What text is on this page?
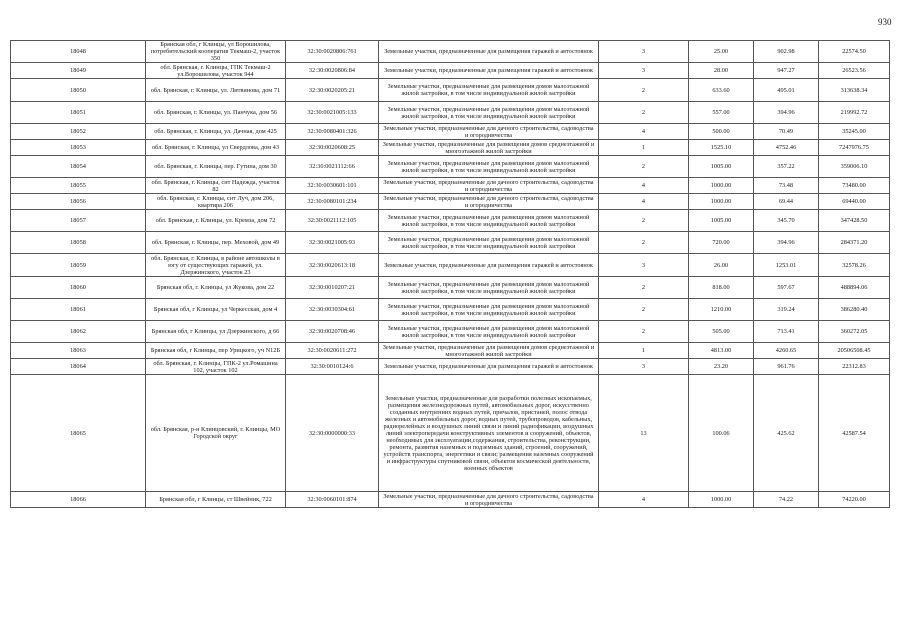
930
18048	Брянская обл, г Клинцы, ул Ворошилова, потребительский кооператив Текмаш-2, участок 350	32:30:0020806:761	Земельные участки, предназначенные для размещения гаражей и автостоянок	3	25.00	902.98	22574.50
18049	обл. Брянская, г. Клинцы, ГПК Текмаш-2 ул.Ворошилова, участок 944	32:30:0020806:84	Земельные участки, предназначенные для размещения гаражей и автостоянок	3	28.00	947.27	26523.56
18050	обл. Брянская, г. Клинцы, ул. Литвинова, дом 71	32:30:0020205:21	Земельные участки, предназначенные для размещения домов малоэтажной жилой застройки, в том числе индивидуальной жилой застройки	2	633.60	495.01	313638.34
18051	обл. Брянская, г. Клинцы, ул. Панчука, дом 56	32:30:0021005:133	Земельные участки, предназначенные для размещения домов малоэтажной жилой застройки, в том числе индивидуальной жилой застройки	2	557.00	394.96	219992.72
18052	обл. Брянская, г. Клинцы, ул. Дачная, дом 425	32:30:0080401:326	Земельные участки, предназначенные для дачного строительства, садоводства и огородничества	4	500.00	70.49	35245.00
18053	обл. Брянская, г. Клинцы, ул Свердлова, дом 43	32:30:0020608:25	Земельные участки, предназначенные для размещения домов среднеэтажной и многоэтажной жилой застройки	1	1525.10	4752.46	7247976.75
18054	обл. Брянская, г. Клинцы, пер. Гутина, дом 30	32:30:0021112:66	Земельные участки, предназначенные для размещения домов малоэтажной жилой застройки, в том числе индивидуальной жилой застройки	2	1005.00	357.22	359006.10
18055	обл. Брянская, г. Клинцы, снт Надежда, участок 82	32:30:0030601:101	Земельные участки, предназначенные для дачного строительства, садоводства и огородничества	4	1000.00	73.48	73480.00
18056	обл. Брянская, г. Клинцы, снт Луч, дом 206, квартира 206	32:30:0080101:234	Земельные участки, предназначенные для дачного строительства, садоводства и огородничества	4	1000.00	69.44	69440.00
18057	обл. Брянская, г. Клинцы, ул. Кремза, дом 72	32:30:0021112:105	Земельные участки, предназначенные для размещения домов малоэтажной жилой застройки, в том числе индивидуальной жилой застройки	2	1005.00	345.70	347428.50
18058	обл. Брянская, г. Клинцы, пер. Меховой, дом 49	32:30:0021005:93	Земельные участки, предназначенные для размещения домов малоэтажной жилой застройки, в том числе индивидуальной жилой застройки	2	720.00	394.96	284371.20
18059	обл. Брянская, г. Клинцы, в районе автошколы в югу от существующих гаражей, ул. Дзержинского, участок 23	32:30:0020613:18	Земельные участки, предназначенные для размещения гаражей и автостоянок	3	26.00	1253.01	32578.26
18060	Брянская обл, г. Клинцы, ул Жукова, дом 22	32:30:0010207:21	Земельные участки, предназначенные для размещения домов малоэтажной жилой застройки, в том числе индивидуальной жилой застройки	2	818.00	597.67	488894.06
18061	Брянская обл, г Клинцы, ул Черкесская, дом 4	32:30:0030304:61	Земельные участки, предназначенные для размещения домов малоэтажной жилой застройки, в том числе индивидуальной жилой застройки	2	1210.00	319.24	386280.40
18062	Брянская обл, г Клинцы, ул Дзержинского, д 66	32:30:0020708:46	Земельные участки, предназначенные для размещения домов малоэтажной жилой застройки, в том числе индивидуальной жилой застройки	2	505.00	713.41	360272.05
18063	Брянская обл, г Клинцы, пер Урицкого, уч N12Б	32:30:0020611:272	Земельные участки, предназначенные для размещения домов среднеэтажной и многоэтажной жилой застройки	1	4813.00	4260.65	20506508.45
18064	обл. Брянская, г. Клинцы, ГПК-2 ул.Ромашина 102, участок 102	32:30:0010124:6	Земельные участки, предназначенные для размещения гаражей и автостоянок	3	23.20	961.76	22312.83
18065	обл. Брянская, р-н Клинцовский, г. Клинцы, МО Городской округ	32:30:0000000:33	Земельные участки, предназначенные для разработки полезных ископаемых, размещения железнодорожных путей, автомобильных дорог, искусственно созданных внутренних водных путей, причалов, пристаней, полос отвода железных и автомобильных дорог, водных путей, трубопроводов, кабельных, радиорелейных и воздушных линий связи и линий радиофикации, воздушных линий электропередачи конструктивных элементов и сооружений, объектов, необходимых для эксплуатации,содержания, строительства, реконструкции, ремонта, развития наземных и подземных зданий, строений, сооружений, устройств транспорта, энергетики и связи; размещения наземных сооружений и инфраструктуры спутниковой связи, объектов космической деятельности, военных объектов	13	100.06	425.62	42587.54
18066	Брянская обл, г Клинцы, ст Швейник, 722	32:30:0060101:874	Земельные участки, предназначенные для дачного строительства, садоводства и огородничества	4	1000.00	74.22	74220.00
